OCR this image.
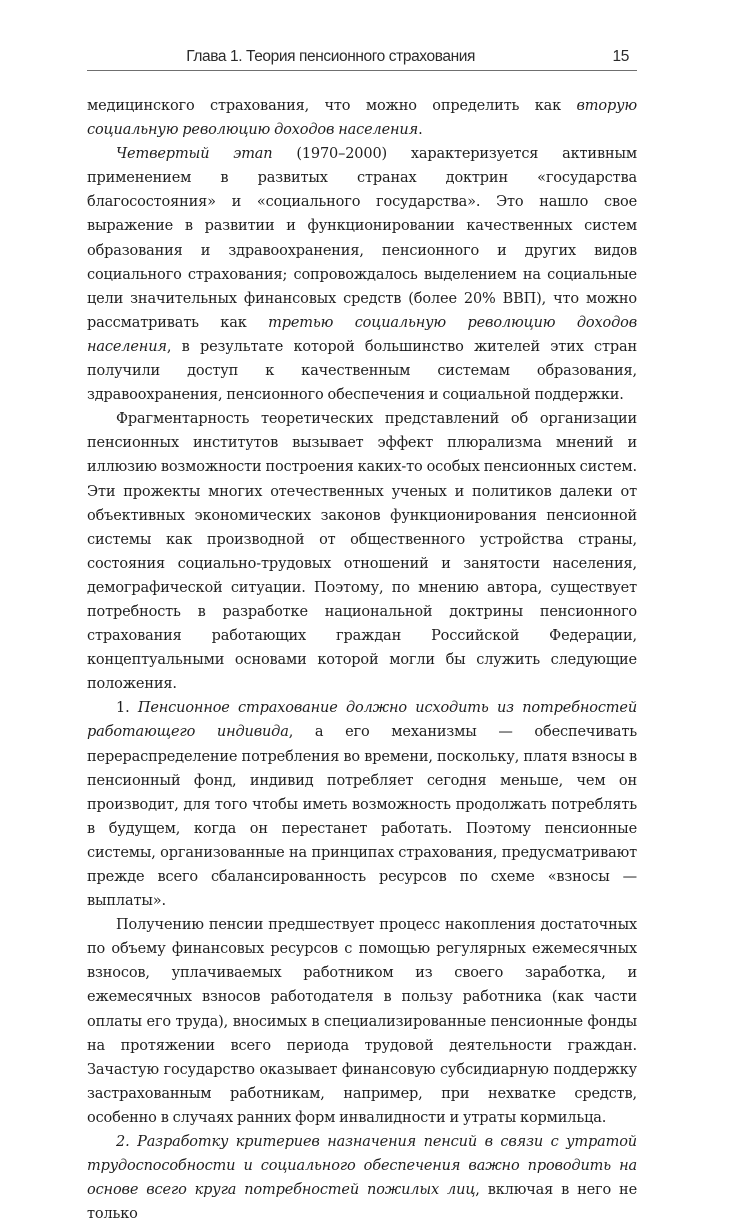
Глава 1. Теория пенсионного страхования	15

медицинского страхования, что можно определить как вторую социальную революцию доходов населения.

Четвертый этап (1970–2000) характеризуется активным применением в развитых странах доктрин «государства благосостояния» и «социального государства». Это нашло свое выражение в развитии и функционировании качественных систем образования и здравоохранения, пенсионного и других видов социального страхования; сопровождалось выделением на социальные цели значительных финансовых средств (более 20% ВВП), что можно рассматривать как третью социальную революцию доходов населения, в результате которой большинство жителей этих стран получили доступ к качественным системам образования, здравоохранения, пенсионного обеспечения и социальной поддержки.

Фрагментарность теоретических представлений об организации пенсионных институтов вызывает эффект плюрализма мнений и иллюзию возможности построения каких-то особых пенсионных систем. Эти прожекты многих отечественных ученых и политиков далеки от объективных экономических законов функционирования пенсионной системы как производной от общественного устройства страны, состояния социально-трудовых отношений и занятости населения, демографической ситуации. Поэтому, по мнению автора, существует потребность в разработке национальной доктрины пенсионного страхования работающих граждан Российской Федерации, концептуальными основами которой могли бы служить следующие положения.

1. Пенсионное страхование должно исходить из потребностей работающего индивида, а его механизмы — обеспечивать перераспределение потребления во времени, поскольку, платя взносы в пенсионный фонд, индивид потребляет сегодня меньше, чем он производит, для того чтобы иметь возможность продолжать потреблять в будущем, когда он перестанет работать. Поэтому пенсионные системы, организованные на принципах страхования, предусматривают прежде всего сбалансированность ресурсов по схеме «взносы — выплаты».

Получению пенсии предшествует процесс накопления достаточных по объему финансовых ресурсов с помощью регулярных ежемесячных взносов, уплачиваемых работником из своего заработка, и ежемесячных взносов работодателя в пользу работника (как части оплаты его труда), вносимых в специализированные пенсионные фонды на протяжении всего периода трудовой деятельности граждан. Зачастую государство оказывает финансовую субсидиарную поддержку застрахованным работникам, например, при нехватке средств, особенно в случаях ранних форм инвалидности и утраты кормильца.

2. Разработку критериев назначения пенсий в связи с утратой трудоспособности и социального обеспечения важно проводить на основе всего круга потребностей пожилых лиц, включая в него не только
